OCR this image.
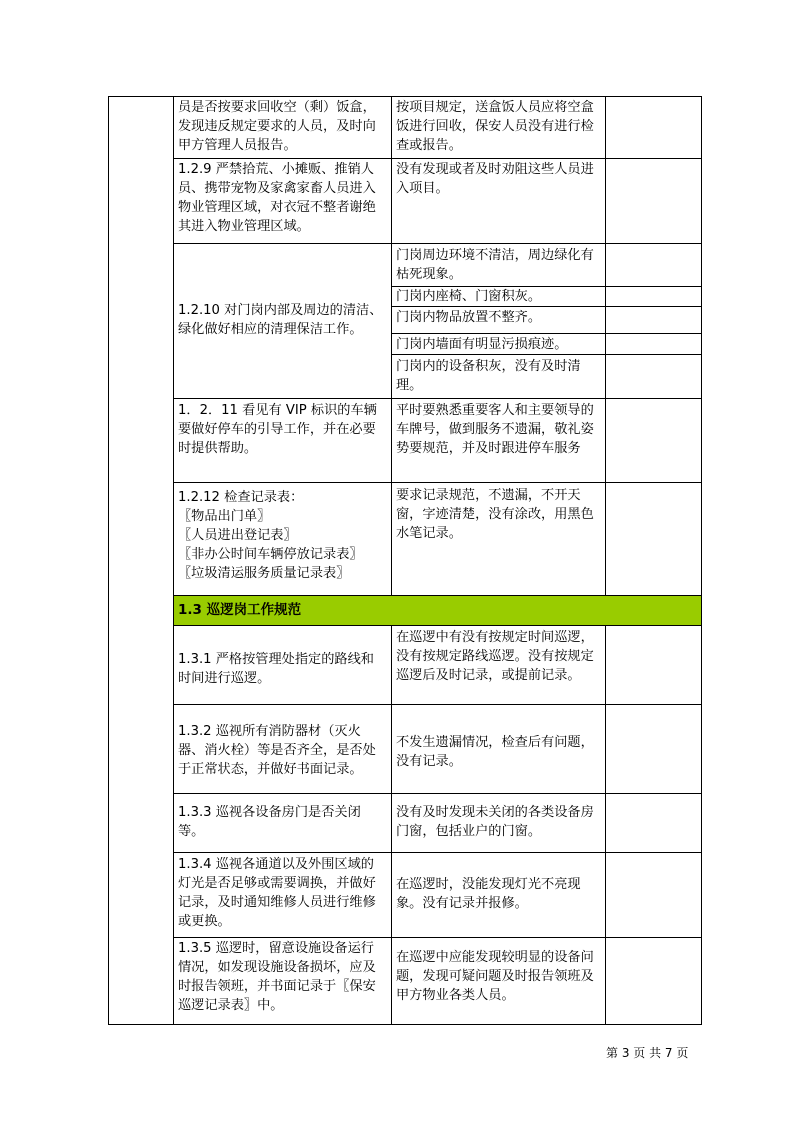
1.3 巡逻岗工作规范
员是否按要求回收空（剩）饭盒，发现违反规定要求的人员，及时向甲方管理人员报告。
按项目规定，送盒饭人员应将空盒饭进行回收，保安人员没有进行检查或报告。
1.2.9 严禁拾荒、小摊贩、推销人员、携带宠物及家禽家畜人员进入物业管理区域，对衣冠不整者谢绝其进入物业管理区域。
没有发现或者及时劝阻这些人员进入项目。
1.2.10 对门岗内部及周边的清洁、绿化做好相应的清理保洁工作。
门岗周边环境不清洁，周边绿化有枯死现象。
门岗内座椅、门窗积灰。
门岗内物品放置不整齐。
门岗内墙面有明显污损痕迹。
门岗内的设备积灰，没有及时清理。
1．2．11 看见有 VIP 标识的车辆要做好停车的引导工作，并在必要时提供帮助。
平时要熟悉重要客人和主要领导的车牌号，做到服务不遗漏，敬礼姿势要规范，并及时跟进停车服务
1.2.12 检查记录表：
〖物品出门单〗
〖人员进出登记表〗
〖非办公时间车辆停放记录表〗
〖垃圾清运服务质量记录表〗
要求记录规范，不遗漏，不开天窗，字迹清楚，没有涂改，用黑色水笔记录。
1.3.1 严格按管理处指定的路线和时间进行巡逻。
在巡逻中有没有按规定时间巡逻，没有按规定路线巡逻。没有按规定巡逻后及时记录，或提前记录。
1.3.2 巡视所有消防器材（灭火器、消火栓）等是否齐全，是否处于正常状态，并做好书面记录。
不发生遗漏情况，检查后有问题，没有记录。
1.3.3 巡视各设备房门是否关闭等。
没有及时发现未关闭的各类设备房门窗，包括业户的门窗。
1.3.4 巡视各通道以及外围区域的灯光是否足够或需要调换，并做好记录，及时通知维修人员进行维修或更换。
在巡逻时，没能发现灯光不亮现象。没有记录并报修。
1.3.5 巡逻时，留意设施设备运行情况，如发现设施设备损坏，应及时报告领班，并书面记录于〖保安巡逻记录表〗中。
在巡逻中应能发现较明显的设备问题，发现可疑问题及时报告领班及甲方物业各类人员。
第 3 页 共 7 页
